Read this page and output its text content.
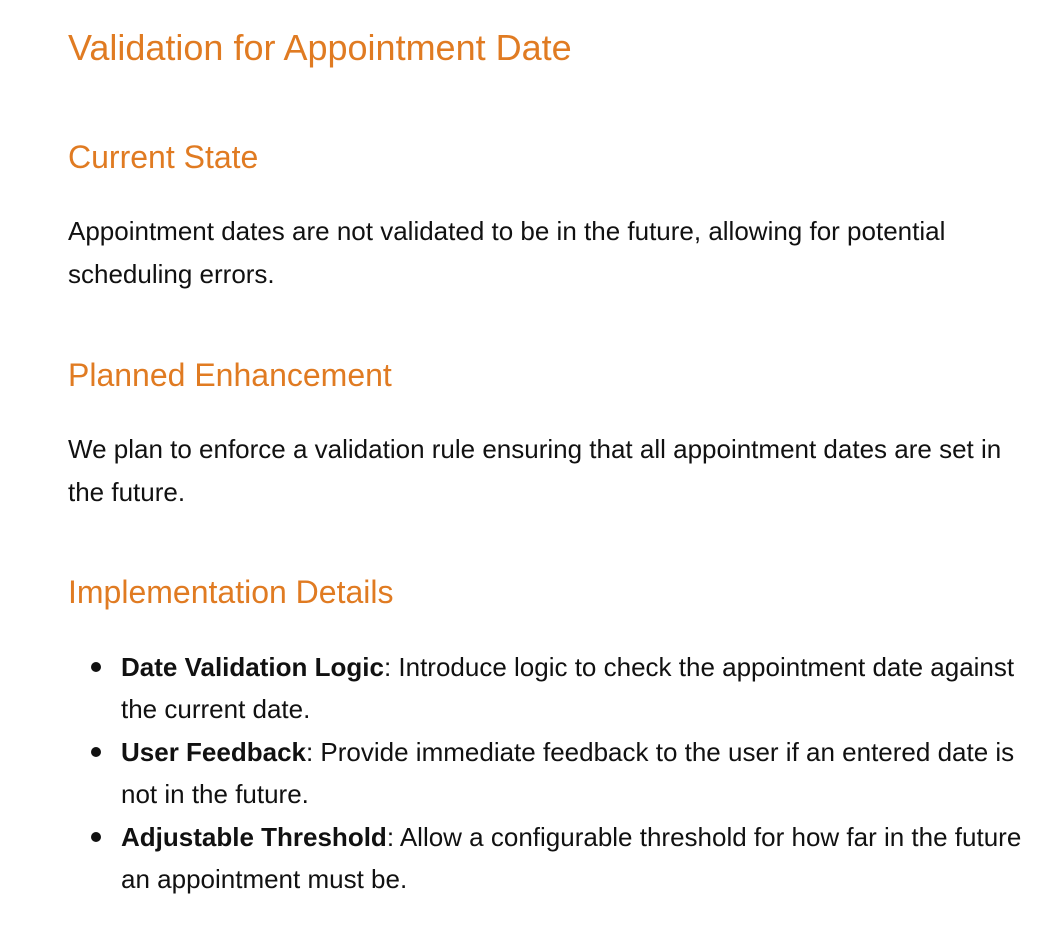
Validation for Appointment Date
Current State

Appointment dates are not validated to be in the future, allowing for potential scheduling errors.

Planned Enhancement

We plan to enforce a validation rule ensuring that all appointment dates are set in the future.

Implementation Details
Date Validation Logic: Introduce logic to check the appointment date against the current date.
User Feedback: Provide immediate feedback to the user if an entered date is not in the future.
Adjustable Threshold: Allow a configurable threshold for how far in the future an appointment must be.
